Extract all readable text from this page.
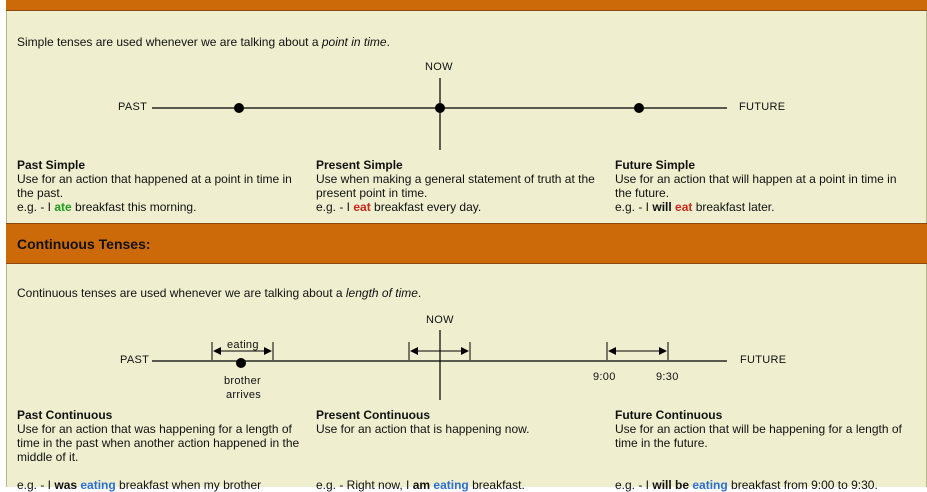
Simple tenses are used whenever we are talking about a point in time.
PAST
NOW
FUTURE
Past Simple
Use for an action that happened at a point in time in the past.
e.g. - I ate breakfast this morning.
Present Simple
Use when making a general statement of truth at the present point in time.
e.g. - I eat breakfast every day.
Future Simple
Use for an action that will happen at a point in time in the future.
e.g. - I will eat breakfast later.
Continuous Tenses:
Continuous tenses are used whenever we are talking about a length of time.
PAST
NOW
FUTURE
eating
brother
arrives
9:00	9:30
Past Continuous
Use for an action that was happening for a length of time in the past when another action happened in the middle of it.
e.g. - I was eating breakfast when my brother
Present Continuous
Use for an action that is happening now.
e.g. - Right now, I am eating breakfast.
Future Continuous
Use for an action that will be happening for a length of time in the future.
e.g. - I will be eating breakfast from 9:00 to 9:30.
